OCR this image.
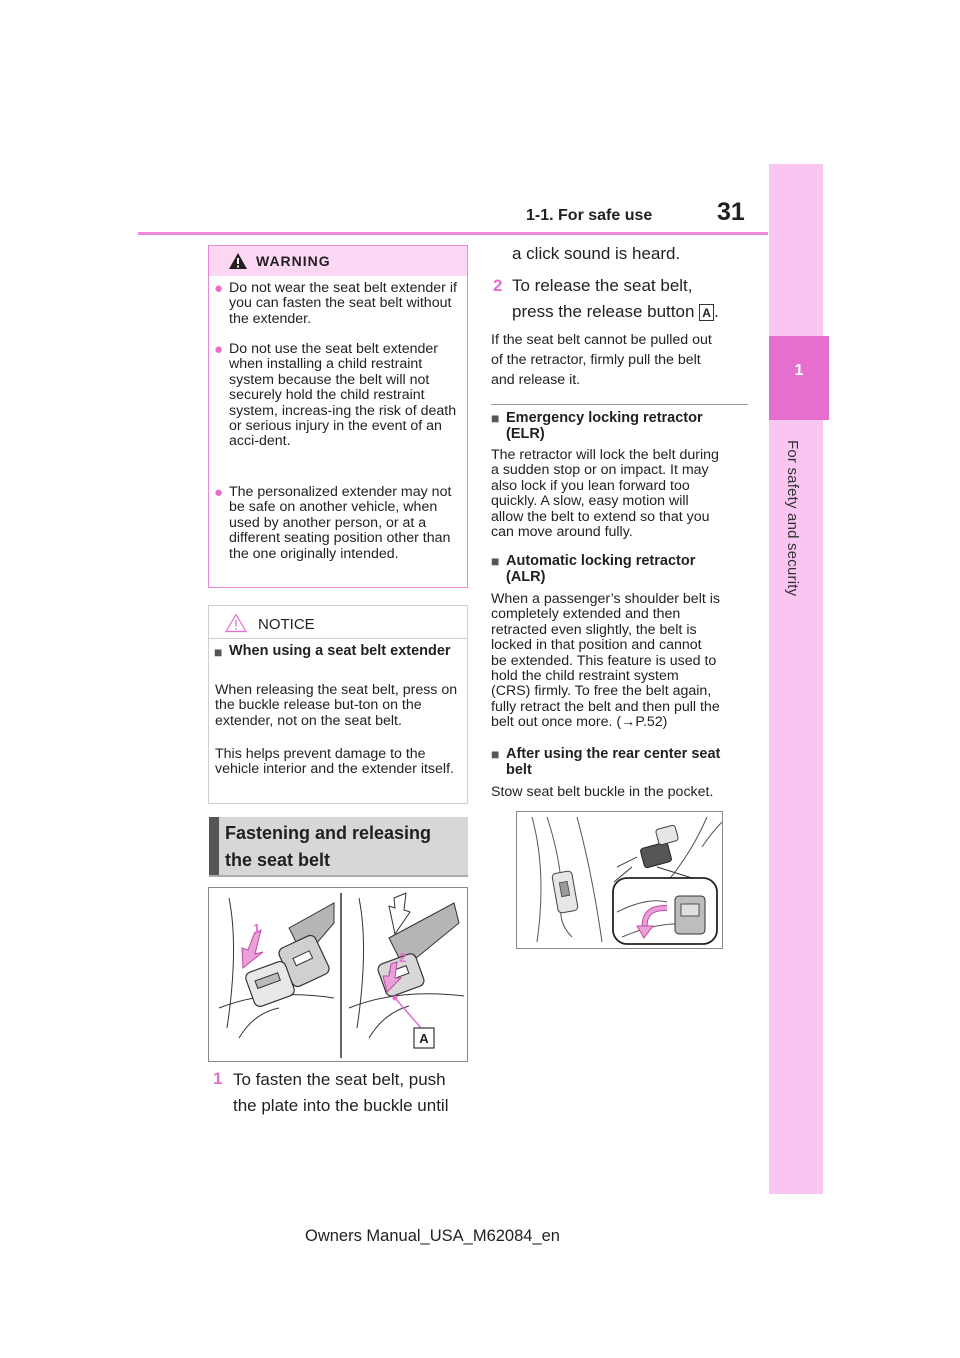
1-1. For safe use	31
1
For safety and security
WARNING
● Do not wear the seat belt extender if you can fasten the seat belt without the extender.
● Do not use the seat belt extender when installing a child restraint system because the belt will not securely hold the child restraint system, increas-ing the risk of death or serious injury in the event of an acci-dent.
● The personalized extender may not be safe on another vehicle, when used by another person, or at a different seating position other than the one originally intended.
NOTICE
■ When using a seat belt extender
When releasing the seat belt, press on the buckle release but-ton on the extender, not on the seat belt.
This helps prevent damage to the vehicle interior and the extender itself.
Fastening and releasing
the seat belt
1
2
A
1 To fasten the seat belt, push
the plate into the buckle until
a click sound is heard.
2 To release the seat belt,
press the release button A .
If the seat belt cannot be pulled out
of the retractor, firmly pull the belt
and release it.
■ Emergency locking retractor
(ELR)
The retractor will lock the belt during
a sudden stop or on impact. It may
also lock if you lean forward too
quickly. A slow, easy motion will
allow the belt to extend so that you
can move around fully.
■ Automatic locking retractor
(ALR)
When a passenger’s shoulder belt is
completely extended and then
retracted even slightly, the belt is
locked in that position and cannot
be extended. This feature is used to
hold the child restraint system
(CRS) firmly. To free the belt again,
fully retract the belt and then pull the
belt out once more. (→P.52)
■ After using the rear center seat
belt
Stow seat belt buckle in the pocket.
Owners Manual_USA_M62084_en
